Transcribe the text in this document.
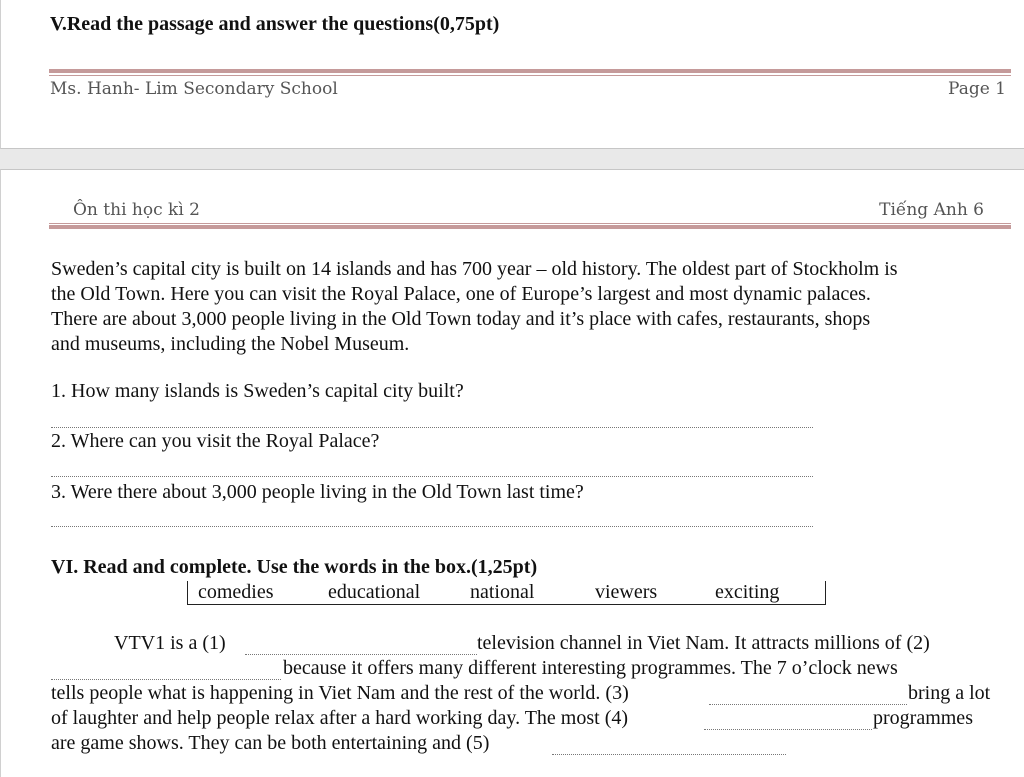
V.Read the passage and answer the questions(0,75pt)
Ms. Hanh- Lim Secondary School	Page 1
Ôn thi học kì 2	Tiếng Anh 6
Sweden’s capital city is built on 14 islands and has 700 year – old history. The oldest part of Stockholm is
the Old Town. Here you can visit the Royal Palace, one of Europe’s largest and most dynamic palaces.
There are about 3,000 people living in the Old Town today and it’s place with cafes, restaurants, shops
and museums, including the Nobel Museum.
1. How many islands is Sweden’s capital city built?
2. Where can you visit the Royal Palace?
3. Were there about 3,000 people living in the Old Town last time?
VI. Read and complete. Use the words in the box.(1,25pt)
comedies	educational national	viewers	exciting
VTV1 is a (1)	television channel in Viet Nam. It attracts millions of (2)
because it offers many different interesting programmes. The 7 o’clock news
tells people what is happening in Viet Nam and the rest of the world. (3)	bring a lot
of laughter and help people relax after a hard working day. The most (4)	programmes
are game shows. They can be both entertaining and (5)
